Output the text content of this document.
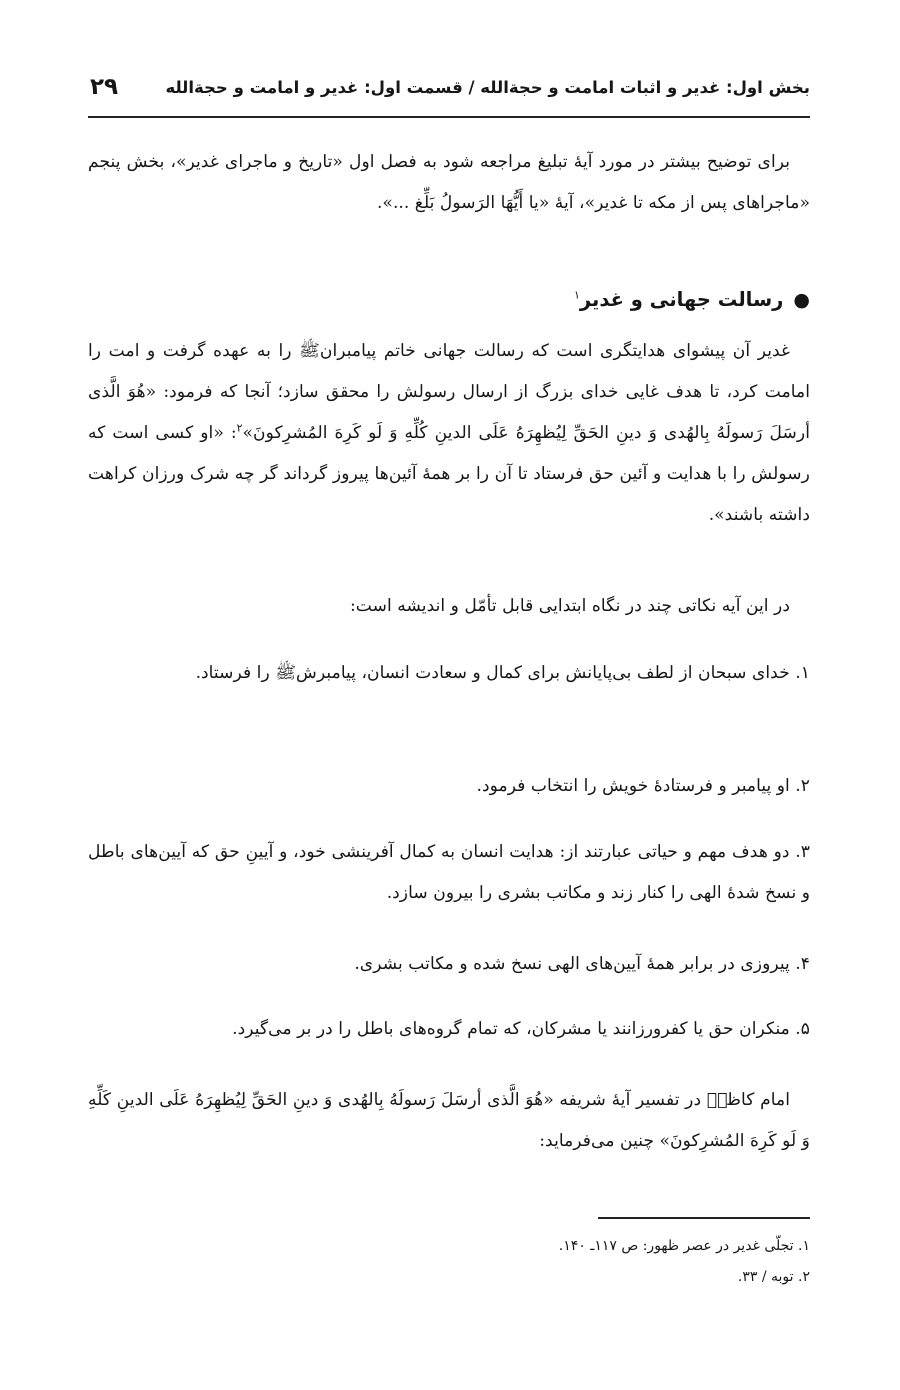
بخش اول: غدیر و اثبات امامت و حجةالله / قسمت اول: غدیر و امامت و حجةالله
۲۹

برای توضیح بیشتر در مورد آیهٔ تبلیغ مراجعه شود به فصل اول «تاریخ و ماجرای غدیر»، بخش پنجم «ماجراهای پس از مکه تا غدیر»، آیهٔ «یا أَیُّهَا الرَسولُ بَلِّغ ...».

●رسالت جهانی و غدیر$^۱$

غدیر آن پیشوای هدایتگری است که رسالت جهانی خاتم پیامبرانﷺ را به عهده گرفت و امت را امامت کرد، تا هدف غایی خدای بزرگ از ارسال رسولش را محقق سازد؛ آنجا که فرمود: «هُوَ الَّذی أرسَلَ رَسولَهُ بِالهُدی وَ دینِ الحَقِّ لِیُظهِرَهُ عَلَی الدینِ کُلِّهِ وَ لَو کَرِهَ المُشرِکونَ»$^۲$: «او کسی است که رسولش را با هدایت و آئین حق فرستاد تا آن را بر همهٔ آئین‌ها پیروز گرداند گر چه شرک ورزان کراهت داشته باشند».

در این آیه نکاتی چند در نگاه ابتدایی قابل تأمّل و اندیشه است:

۱. خدای سبحان از لطف بی‌پایانش برای کمال و سعادت انسان، پیامبرشﷺ را فرستاد.

۲. او پیامبر و فرستادهٔ خویش را انتخاب فرمود.

۳. دو هدف مهم و حیاتی عبارتند از: هدایت انسان به کمال آفرینشی خود، و آیینِ حق که آیین‌های باطل و نسخ شدهٔ الهی را کنار زند و مکاتب بشری را بیرون سازد.

۴. پیروزی در برابر همهٔ آیین‌های الهی نسخ شده و مکاتب بشری.

۵. منکران حق یا کفرورزانند یا مشرکان، که تمام گروه‌های باطل را در بر می‌گیرد.

امام کاظمؑ در تفسیر آیهٔ شریفه «هُوَ الَّذی أرسَلَ رَسولَهُ بِالهُدی وَ دینِ الحَقِّ لِیُظهِرَهُ عَلَی الدینِ کَلِّهِ وَ لَو کَرِهَ المُشرِکونَ» چنین می‌فرماید:

۱. تجلّی غدیر در عصر ظهور: ص ۱۱۷ـ ۱۴۰.

۲. توبه / ۳۳.
